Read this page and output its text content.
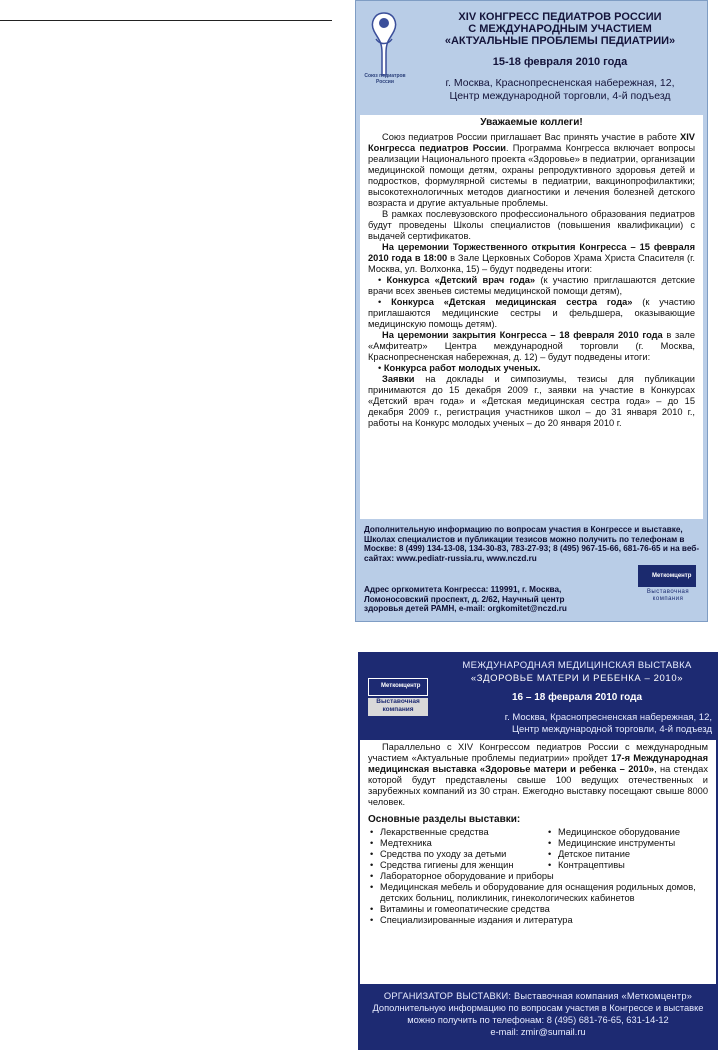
Союз педиатров России
XIV КОНГРЕСС ПЕДИАТРОВ РОССИИ
С МЕЖДУНАРОДНЫМ УЧАСТИЕМ
«АКТУАЛЬНЫЕ ПРОБЛЕМЫ ПЕДИАТРИИ»
15-18 февраля 2010 года
г. Москва, Краснопресненская набережная, 12,
Центр международной торговли, 4-й подъезд
Уважаемые коллеги!

Союз педиатров России приглашает Вас принять участие в работе XIV Конгресса педиатров России. Программа Конгресса включает вопросы реализации Национального проекта «Здоровье» в педиатрии, организации медицинской помощи детям, охраны репродуктивного здоровья детей и подростков, формулярной системы в педиатрии, вакцинопрофилактики; высокотехнологичных методов диагностики и лечения болезней детского возраста и другие актуальные проблемы.

В рамках послевузовского профессионального образования педиатров будут проведены Школы специалистов (повышения квалификации) с выдачей сертификатов.

На церемонии Торжественного открытия Конгресса – 15 февраля 2010 года в 18:00 в Зале Церковных Соборов Храма Христа Спасителя (г. Москва, ул. Волхонка, 15) – будут подведены итоги:

• Конкурса «Детский врач года» (к участию приглашаются детские врачи всех звеньев системы медицинской помощи детям),

• Конкурса «Детская медицинская сестра года» (к участию приглашаются медицинские сестры и фельдшера, оказывающие медицинскую помощь детям).

На церемонии закрытия Конгресса – 18 февраля 2010 года в зале «Амфитеатр» Центра международной торговли (г. Москва, Краснопресненская набережная, д. 12) – будут подведены итоги:

• Конкурса работ молодых ученых.

Заявки на доклады и симпозиумы, тезисы для публикации принимаются до 15 декабря 2009 г., заявки на участие в Конкурсах «Детский врач года» и «Детская медицинская сестра года» – до 15 декабря 2009 г., регистрация участников школ – до 31 января 2010 г., работы на Конкурс молодых ученых – до 20 января 2010 г.

Дополнительную информацию по вопросам участия в Конгрессе и выставке, Школах специалистов и публикации тезисов можно получить по телефонам в Москве: 8 (499) 134-13-08, 134-30-83, 783-27-93; 8 (495) 967-15-66, 681-76-65 и на веб-сайтах: www.pediatr-russia.ru, www.nczd.ru
Адрес оргкомитета Конгресса: 119991, г. Москва, Ломоносовский проспект, д. 2/62, Научный центр здоровья детей РАМН, e-mail: orgkomitet@nczd.ru
Меткомцентр
Выставочная компания
Меткомцентр
Выставочная компания
МЕЖДУНАРОДНАЯ МЕДИЦИНСКАЯ ВЫСТАВКА
«ЗДОРОВЬЕ МАТЕРИ И РЕБЕНКА – 2010»
16 – 18 февраля 2010 года
г. Москва, Краснопресненская набережная, 12,
Центр международной торговли, 4-й подъезд

Параллельно с XIV Конгрессом педиатров России с международным участием «Актуальные проблемы педиатрии» пройдет 17-я Международная медицинская выставка «Здоровье матери и ребенка – 2010», на стендах которой будут представлены свыше 100 ведущих отечественных и зарубежных компаний из 30 стран. Ежегодно выставку посещают свыше 8000 человек.

Основные разделы выставки:
• Лекарственные средства
• Медтехника
• Средства по уходу за детьми
• Средства гигиены для женщин
• Медицинское оборудование
• Медицинские инструменты
• Детское питание
• Контрацептивы
• Лабораторное оборудование и приборы
• Медицинская мебель и оборудование для оснащения родильных домов, детских больниц, поликлиник, гинекологических кабинетов
• Витамины и гомеопатические средства
• Специализированные издания и литература
ОРГАНИЗАТОР ВЫСТАВКИ: Выставочная компания «Меткомцентр»
Дополнительную информацию по вопросам участия в Конгрессе и выставке можно получить по телефонам: 8 (495) 681-76-65, 631-14-12
e-mail: zmir@sumail.ru
